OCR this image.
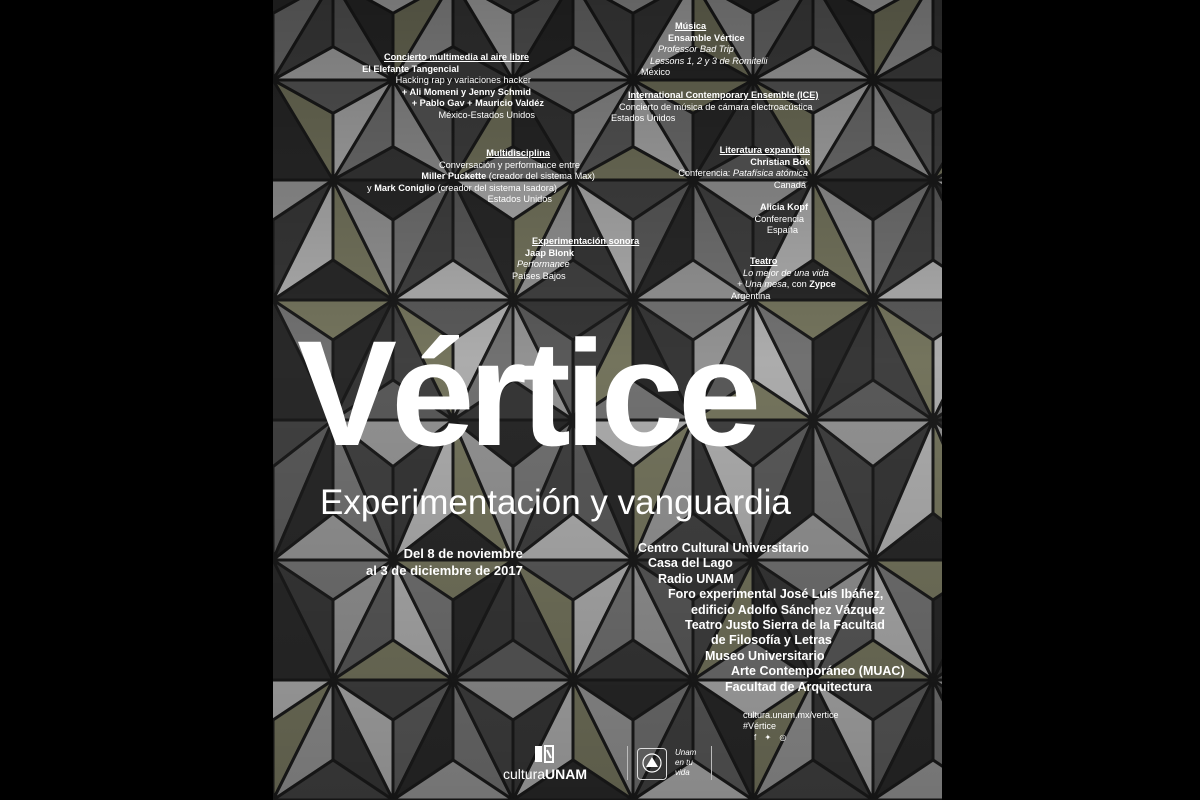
Concierto multimedia al aire libre
El Elefante Tangencial
Hacking rap y variaciones hacker
+ Ali Momeni y Jenny Schmid
+ Pablo Gav + Mauricio Valdéz
México-Estados Unidos
Multidisciplina
Conversación y performance entre
Miller Puckette (creador del sistema Max)
y Mark Coniglio (creador del sistema Isadora)
Estados Unidos
Experimentación sonora
Jaap Blonk
Performance
Países Bajos
Música
Ensamble Vértice
Professor Bad Trip
Lessons 1, 2 y 3 de Romitelli
México
International Contemporary Ensemble (ICE)
Concierto de música de cámara electroacústica
Estados Unidos
Literatura expandida
Christian Bök
Conferencia: Patafísica atómica
Canadá
Alicia Kopf
Conferencia
España
Teatro
Lo mejor de una vida
+ Una mesa, con Zypce
Argentina
Vértice
Experimentación y vanguardia
Del 8 de noviembre
al 3 de diciembre de 2017
Centro Cultural Universitario
Casa del Lago
Radio UNAM
Foro experimental José Luis Ibáñez,
edificio Adolfo Sánchez Vázquez
Teatro Justo Sierra de la Facultad
de Filosofía y Letras
Museo Universitario
Arte Contemporáneo (MUAC)
Facultad de Arquitectura
cultura.unam.mx/vertice
#Vértice
f ✦ ◎
culturaUNAM
Unam en tu vida
